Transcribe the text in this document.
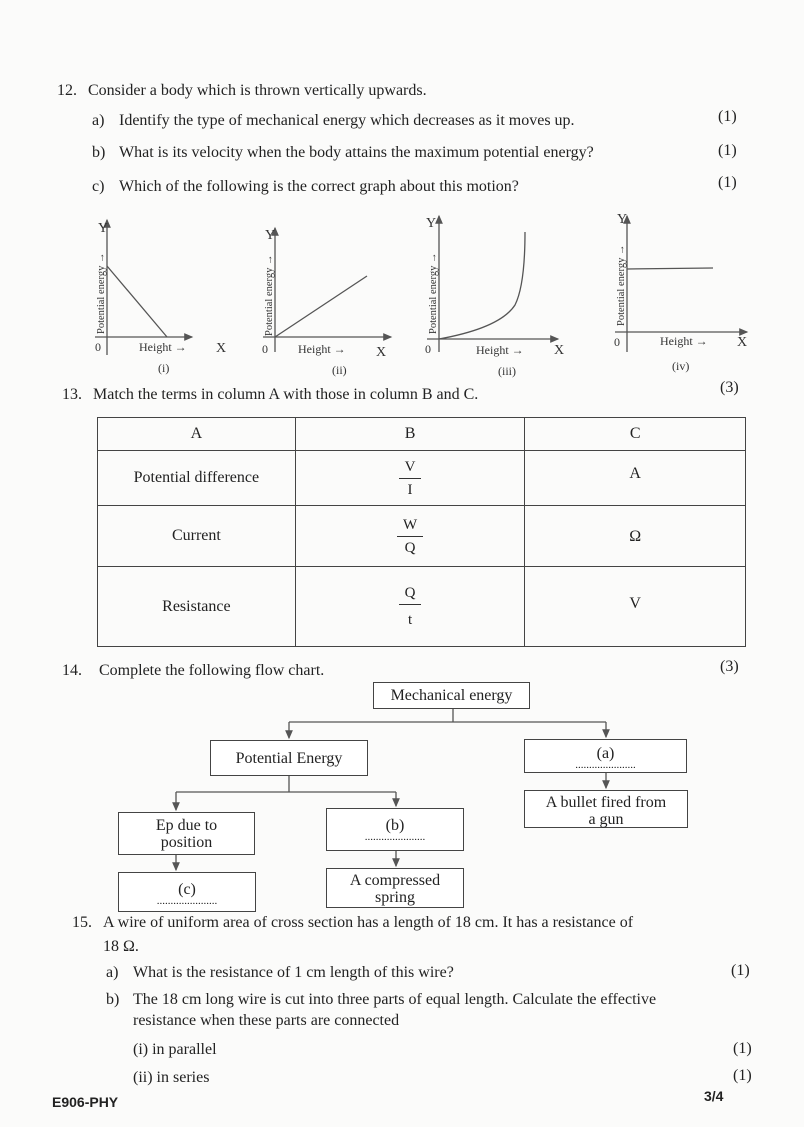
12. Consider a body which is thrown vertically upwards.
a) Identify the type of mechanical energy which decreases as it moves up.	(1)
b) What is its velocity when the body attains the maximum potential energy?	(1)
c) Which of the following is the correct graph about this motion?	(1)
Y
Potential energy →
0	Height → X
(i)
Y
Potential energy →
0	Height → X
(ii)
Y
Potential energy →
0	Height → X
(iii)
Y
Potential energy →
0	Height → X
(iv)
13. Match the terms in column A with those in column B and C.	(3)
A	B	C
Potential difference	$\frac{V}{I}$	A
Current	$\frac{W}{Q}$	Ω
Resistance	$\frac{Q}{t}$	V
14. Complete the following flow chart.	(3)
Mechanical energy
Potential Energy	(a)
......................
A bullet fired from
a gun
Ep due to
position
(b)
......................
(c)
......................
A compressed
spring
15. A wire of uniform area of cross section has a length of 18 cm. It has a resistance of
18 Ω.
a) What is the resistance of 1 cm length of this wire?	(1)
b) The 18 cm long wire is cut into three parts of equal length. Calculate the effective
resistance when these parts are connected
(i) in parallel	(1)
(ii) in series	(1)
E906-PHY	3/4
